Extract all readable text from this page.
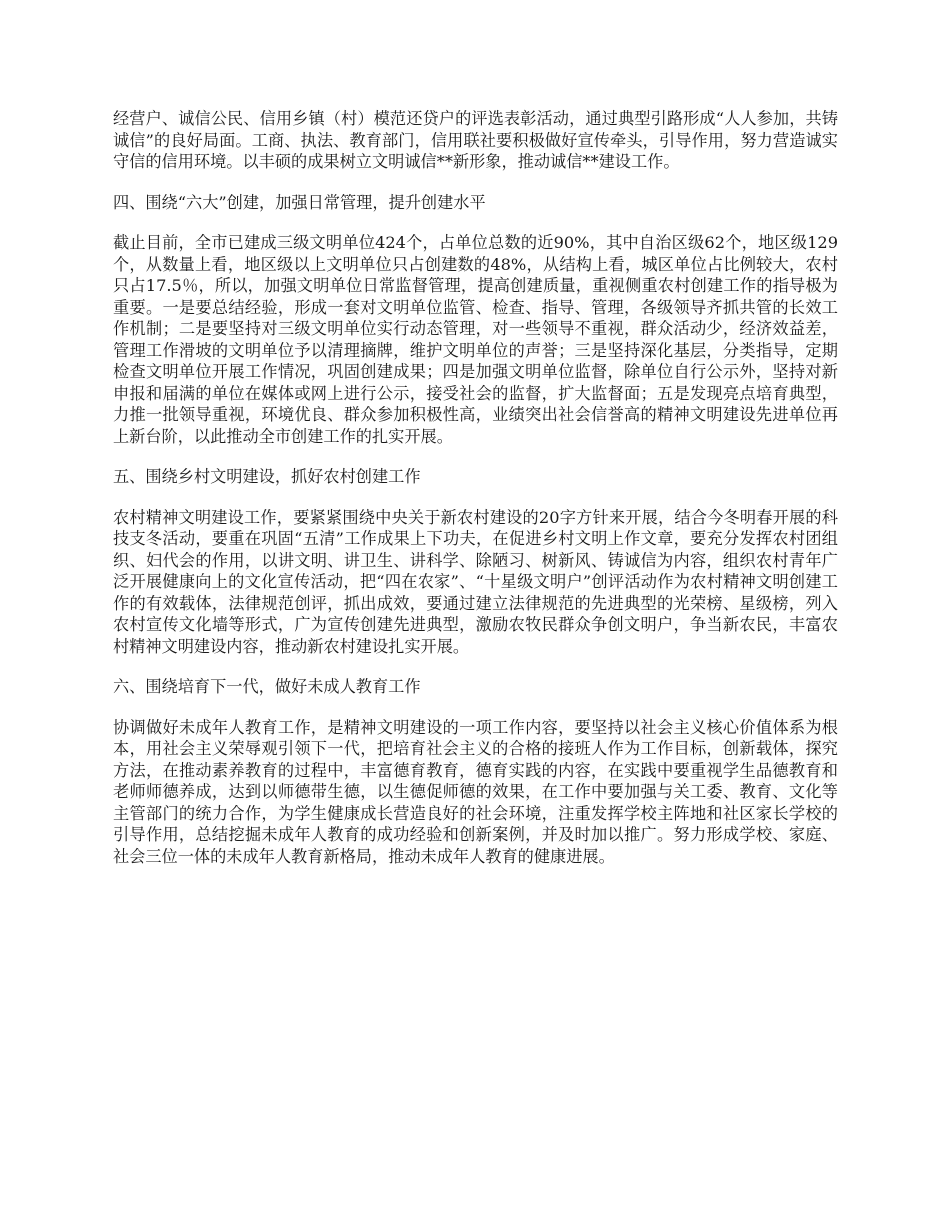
经营户、诚信公民、信用乡镇（村）模范还贷户的评选表彰活动，通过典型引路形成“人人参加，共铸诚信”的良好局面。工商、执法、教育部门，信用联社要积极做好宣传牵头，引导作用，努力营造诚实守信的信用环境。以丰硕的成果树立文明诚信**新形象，推动诚信**建设工作。

四、围绕“六大”创建，加强日常管理，提升创建水平

截止目前，全市已建成三级文明单位424个，占单位总数的近90%，其中自治区级62个，地区级129个，从数量上看，地区级以上文明单位只占创建数的48%，从结构上看，城区单位占比例较大，农村只占17.5％，所以，加强文明单位日常监督管理，提高创建质量，重视侧重农村创建工作的指导极为重要。一是要总结经验，形成一套对文明单位监管、检查、指导、管理，各级领导齐抓共管的长效工作机制；二是要坚持对三级文明单位实行动态管理，对一些领导不重视，群众活动少，经济效益差，管理工作滑坡的文明单位予以清理摘牌，维护文明单位的声誉；三是坚持深化基层，分类指导，定期检查文明单位开展工作情况，巩固创建成果；四是加强文明单位监督，除单位自行公示外，坚持对新申报和届满的单位在媒体或网上进行公示，接受社会的监督，扩大监督面；五是发现亮点培育典型，力推一批领导重视，环境优良、群众参加积极性高，业绩突出社会信誉高的精神文明建设先进单位再上新台阶，以此推动全市创建工作的扎实开展。

五、围绕乡村文明建设，抓好农村创建工作

农村精神文明建设工作，要紧紧围绕中央关于新农村建设的20字方针来开展，结合今冬明春开展的科技支冬活动，要重在巩固“五清”工作成果上下功夫，在促进乡村文明上作文章，要充分发挥农村团组织、妇代会的作用，以讲文明、讲卫生、讲科学、除陋习、树新风、铸诚信为内容，组织农村青年广泛开展健康向上的文化宣传活动，把“四在农家”、“十星级文明户”创评活动作为农村精神文明创建工作的有效载体，法律规范创评，抓出成效，要通过建立法律规范的先进典型的光荣榜、星级榜，列入农村宣传文化墙等形式，广为宣传创建先进典型，激励农牧民群众争创文明户，争当新农民，丰富农村精神文明建设内容，推动新农村建设扎实开展。

六、围绕培育下一代，做好未成人教育工作

协调做好未成年人教育工作，是精神文明建设的一项工作内容，要坚持以社会主义核心价值体系为根本，用社会主义荣辱观引领下一代，把培育社会主义的合格的接班人作为工作目标，创新载体，探究方法，在推动素养教育的过程中，丰富德育教育，德育实践的内容，在实践中要重视学生品德教育和老师师德养成，达到以师德带生德，以生德促师德的效果，在工作中要加强与关工委、教育、文化等主管部门的统力合作，为学生健康成长营造良好的社会环境，注重发挥学校主阵地和社区家长学校的引导作用，总结挖掘未成年人教育的成功经验和创新案例，并及时加以推广。努力形成学校、家庭、社会三位一体的未成年人教育新格局，推动未成年人教育的健康进展。
